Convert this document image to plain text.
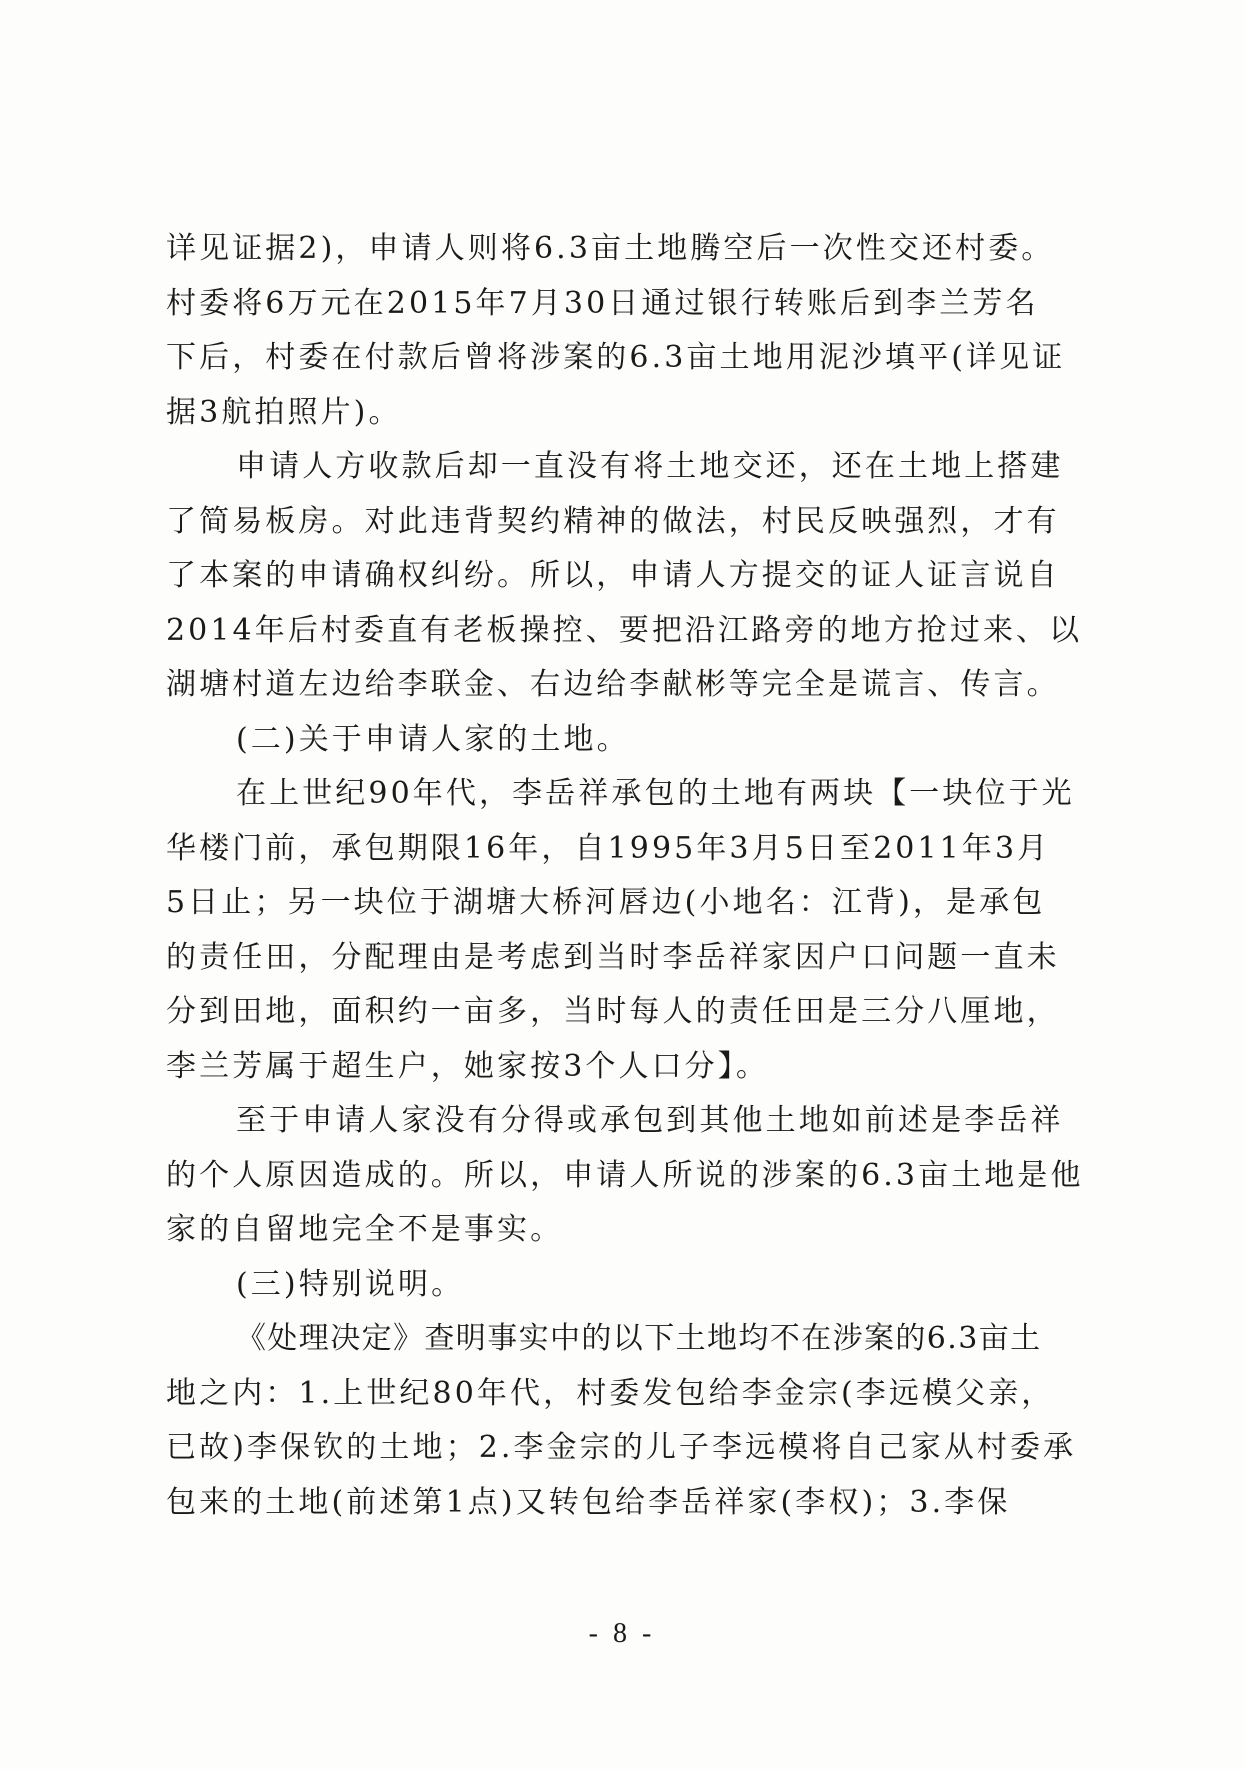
详见证据2)，申请人则将6.3亩土地腾空后一次性交还村委。
村委将6万元在2015年7月30日通过银行转账后到李兰芳名
下后，村委在付款后曾将涉案的6.3亩土地用泥沙填平(详见证
据3航拍照片)。
申请人方收款后却一直没有将土地交还，还在土地上搭建
了简易板房。对此违背契约精神的做法，村民反映强烈，才有
了本案的申请确权纠纷。所以，申请人方提交的证人证言说自
2014年后村委直有老板操控、要把沿江路旁的地方抢过来、以
湖塘村道左边给李联金、右边给李献彬等完全是谎言、传言。
(二)关于申请人家的土地。
在上世纪90年代，李岳祥承包的土地有两块【一块位于光
华楼门前，承包期限16年，自1995年3月5日至2011年3月
5日止；另一块位于湖塘大桥河唇边(小地名：江背)，是承包
的责任田，分配理由是考虑到当时李岳祥家因户口问题一直未
分到田地，面积约一亩多，当时每人的责任田是三分八厘地，
李兰芳属于超生户，她家按3个人口分】。
至于申请人家没有分得或承包到其他土地如前述是李岳祥
的个人原因造成的。所以，申请人所说的涉案的6.3亩土地是他
家的自留地完全不是事实。
(三)特别说明。
《处理决定》查明事实中的以下土地均不在涉案的6.3亩土
地之内：1.上世纪80年代，村委发包给李金宗(李远模父亲，
已故)李保钦的土地；2.李金宗的儿子李远模将自己家从村委承
包来的土地(前述第1点)又转包给李岳祥家(李权)；3.李保
- 8 -
